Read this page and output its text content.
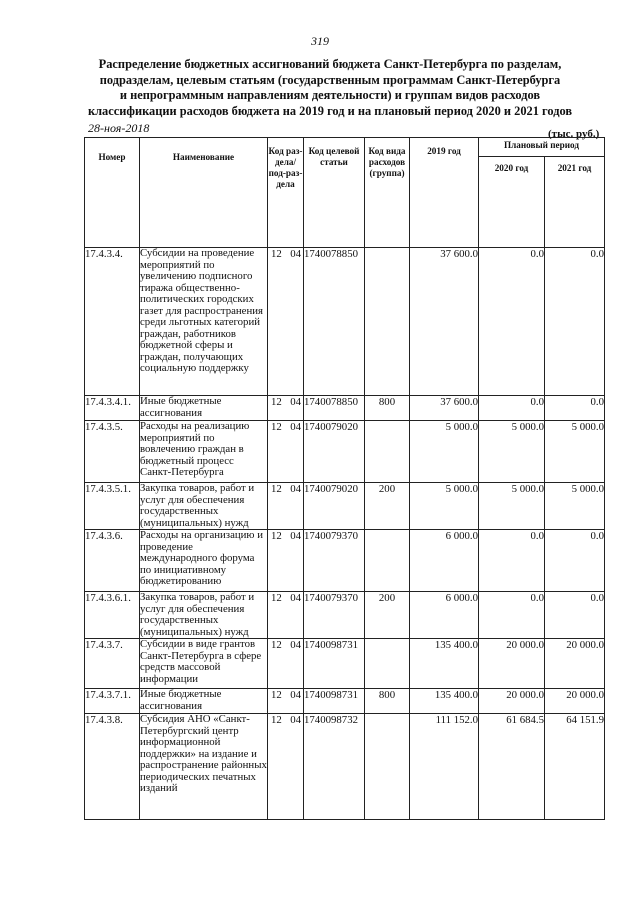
319
Распределение бюджетных ассигнований бюджета Санкт-Петербурга по разделам,
подразделам, целевым статьям (государственным программам Санкт-Петербурга
и непрограммным направлениям деятельности) и группам видов расходов
классификации расходов бюджета на 2019 год и на плановый период 2020 и 2021 годов
28-ноя-2018	(тыс. руб.)
Номер	Наименование	Код раз-дела/ под-раз-дела	Код целевой статьи	Код вида расходов (группа)	2019 год	Плановый период	
						2020 год	2021 год
17.4.3.4.	Субсидии на проведение мероприятий по увеличению подписного тиража общественно-политических городских газет для распространения среди льготных категорий граждан, работников бюджетной сферы и граждан, получающих социальную поддержку	12 04	1740078850		37 600.0	0.0	0.0
17.4.3.4.1.	Иные бюджетные ассигнования	12 04	1740078850	800	37 600.0	0.0	0.0
17.4.3.5.	Расходы на реализацию мероприятий по вовлечению граждан в бюджетный процесс Санкт-Петербурга	12 04	1740079020		5 000.0	5 000.0	5 000.0
17.4.3.5.1.	Закупка товаров, работ и услуг для обеспечения государственных (муниципальных) нужд	12 04	1740079020	200	5 000.0	5 000.0	5 000.0
17.4.3.6.	Расходы на организацию и проведение международного форума по инициативному бюджетированию	12 04	1740079370		6 000.0	0.0	0.0
17.4.3.6.1.	Закупка товаров, работ и услуг для обеспечения государственных (муниципальных) нужд	12 04	1740079370	200	6 000.0	0.0	0.0
17.4.3.7.	Субсидии в виде грантов Санкт-Петербурга в сфере средств массовой информации	12 04	1740098731		135 400.0	20 000.0	20 000.0
17.4.3.7.1.	Иные бюджетные ассигнования	12 04	1740098731	800	135 400.0	20 000.0	20 000.0
17.4.3.8.	Субсидия АНО «Санкт-Петербургский центр информационной поддержки» на издание и распространение районных периодических печатных изданий	12 04	1740098732		111 152.0	61 684.5	64 151.9
